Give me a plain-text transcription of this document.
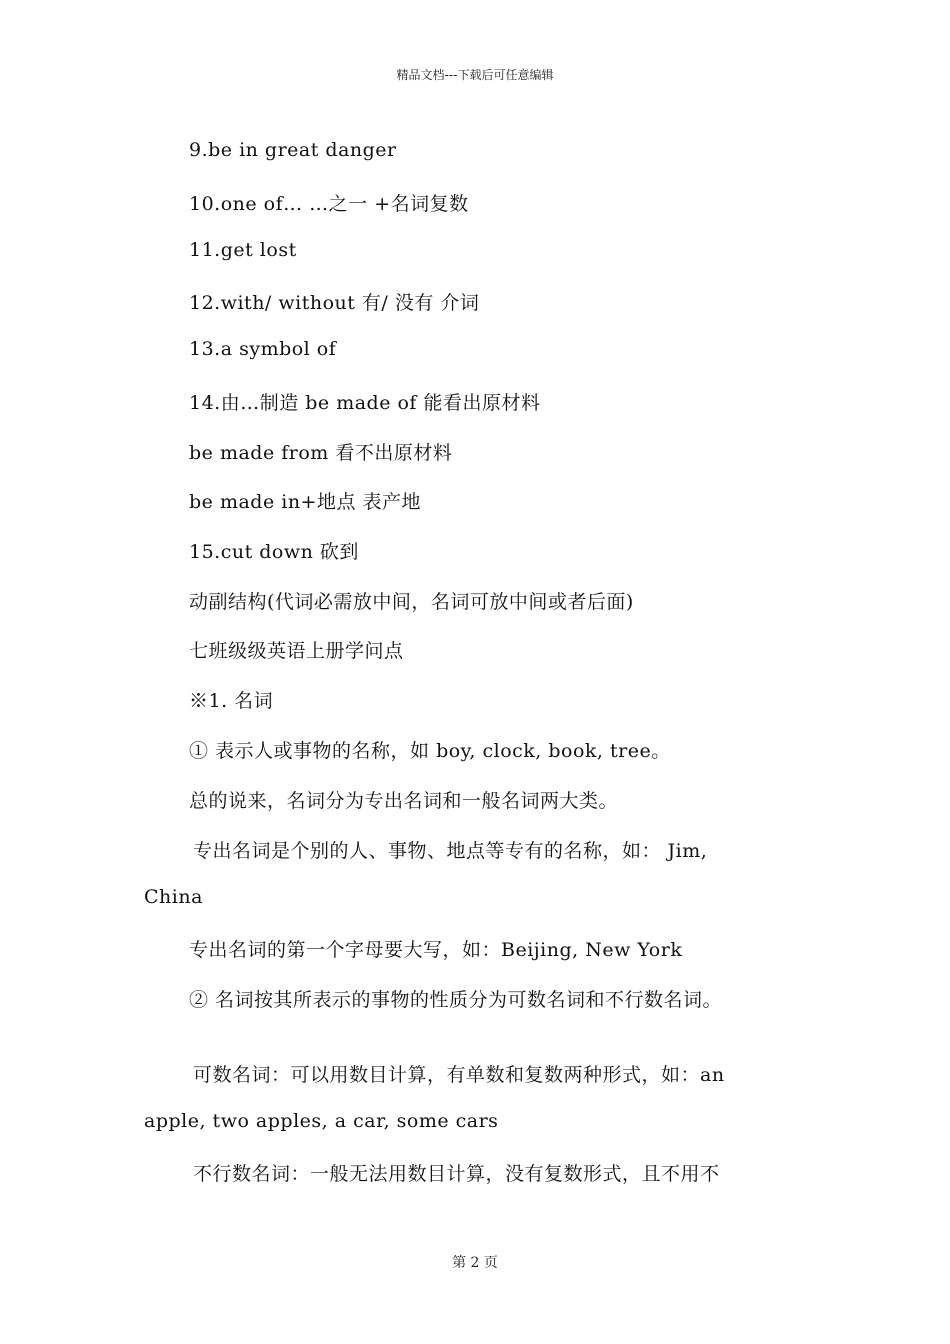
精品文档---下载后可任意编辑
9.be in great danger
10.one of… …之一 +名词复数
11.get lost
12.with/ without 有/ 没有 介词
13.a symbol of
14.由…制造 be made of 能看出原材料
be made from 看不出原材料
be made in+地点 表产地
15.cut down 砍到
动副结构(代词必需放中间，名词可放中间或者后面)
七班级级英语上册学问点
※1. 名词
① 表示人或事物的名称，如 boy, clock, book, tree。
总的说来，名词分为专出名词和一般名词两大类。
专出名词是个别的人、事物、地点等专有的名称，如： Jim,
China
专出名词的第一个字母要大写，如：Beijing, New York
② 名词按其所表示的事物的性质分为可数名词和不行数名词。
可数名词：可以用数目计算，有单数和复数两种形式，如：an
apple, two apples, a car, some cars
不行数名词：一般无法用数目计算，没有复数形式，且不用不
第 2 页
